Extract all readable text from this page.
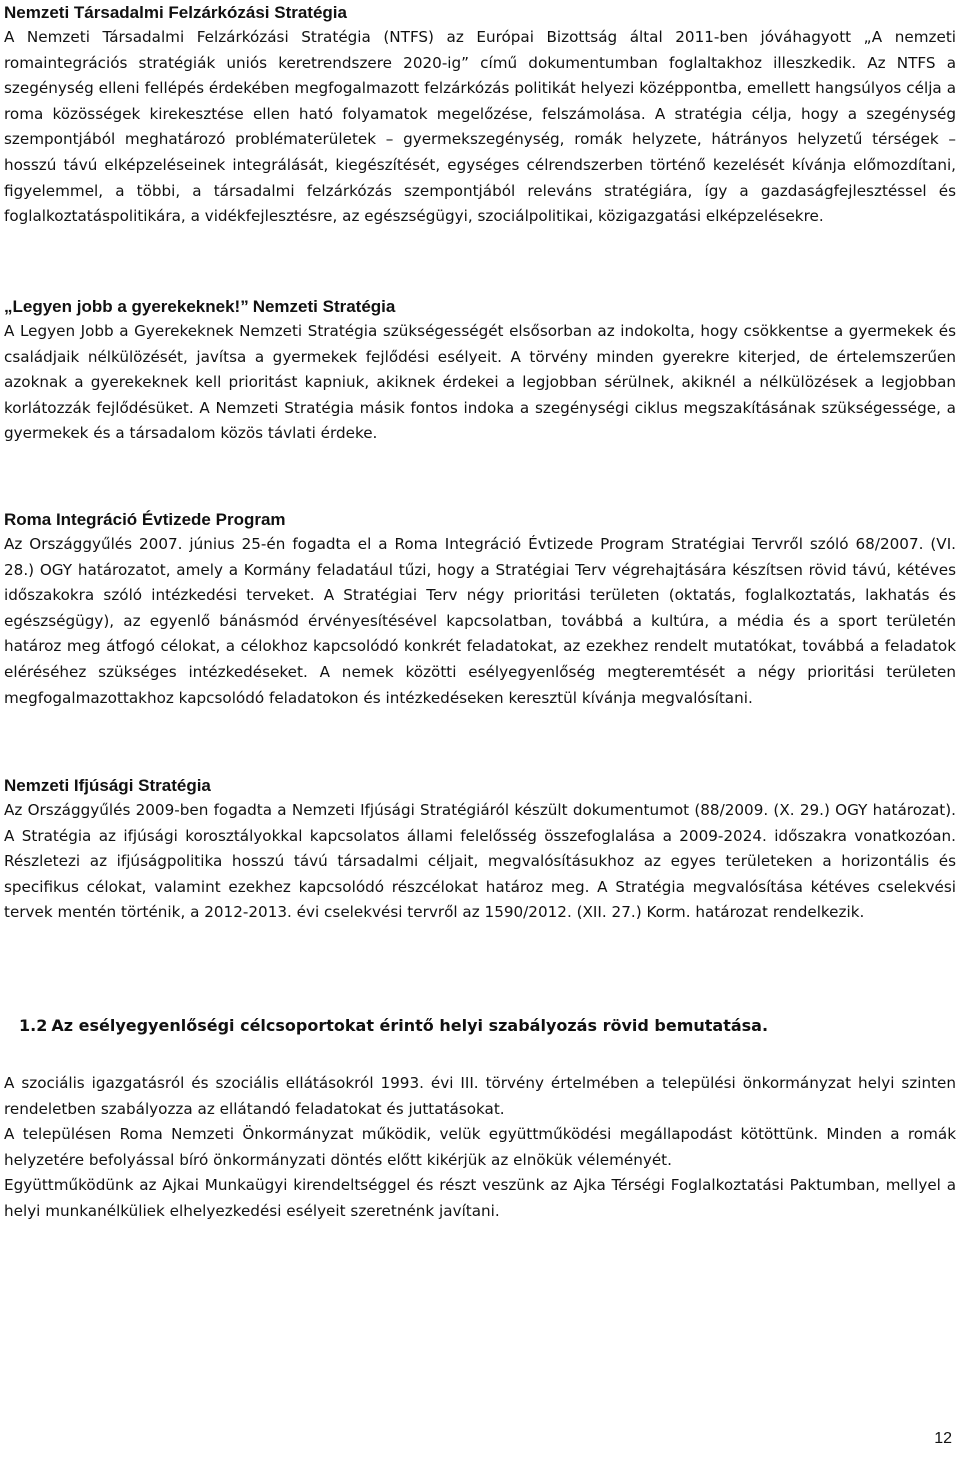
Nemzeti Társadalmi Felzárkózási Stratégia

A Nemzeti Társadalmi Felzárkózási Stratégia (NTFS) az Európai Bizottság által 2011-ben jóváhagyott „A nemzeti romaintegrációs stratégiák uniós keretrendszere 2020-ig” című dokumentumban foglaltakhoz illeszkedik. Az NTFS a szegénység elleni fellépés érdekében megfogalmazott felzárkózás politikát helyezi középpontba, emellett hangsúlyos célja a roma közösségek kirekesztése ellen ható folyamatok megelőzése, felszámolása. A stratégia célja, hogy a szegénység szempontjából meghatározó problématerületek – gyermekszegénység, romák helyzete, hátrányos helyzetű térségek – hosszú távú elképzeléseinek integrálását, kiegészítését, egységes célrendszerben történő kezelését kívánja előmozdítani, figyelemmel, a többi, a társadalmi felzárkózás szempontjából releváns stratégiára, így a gazdaságfejlesztéssel és foglalkoztatáspolitikára, a vidékfejlesztésre, az egészségügyi, szociálpolitikai, közigazgatási elképzelésekre.

„Legyen jobb a gyerekeknek!” Nemzeti Stratégia

A Legyen Jobb a Gyerekeknek Nemzeti Stratégia szükségességét elsősorban az indokolta, hogy csökkentse a gyermekek és családjaik nélkülözését, javítsa a gyermekek fejlődési esélyeit. A törvény minden gyerekre kiterjed, de értelemszerűen azoknak a gyerekeknek kell prioritást kapniuk, akiknek érdekei a legjobban sérülnek, akiknél a nélkülözések a legjobban korlátozzák fejlődésüket. A Nemzeti Stratégia másik fontos indoka a szegénységi ciklus megszakításának szükségessége, a gyermekek és a társadalom közös távlati érdeke.

Roma Integráció Évtizede Program

Az Országgyűlés 2007. június 25-én fogadta el a Roma Integráció Évtizede Program Stratégiai Tervről szóló 68/2007. (VI. 28.) OGY határozatot, amely a Kormány feladatául tűzi, hogy a Stratégiai Terv végrehajtására készítsen rövid távú, kétéves időszakokra szóló intézkedési terveket. A Stratégiai Terv négy prioritási területen (oktatás, foglalkoztatás, lakhatás és egészségügy), az egyenlő bánásmód érvényesítésével kapcsolatban, továbbá a kultúra, a média és a sport területén határoz meg átfogó célokat, a célokhoz kapcsolódó konkrét feladatokat, az ezekhez rendelt mutatókat, továbbá a feladatok eléréséhez szükséges intézkedéseket. A nemek közötti esélyegyenlőség megteremtését a négy prioritási területen megfogalmazottakhoz kapcsolódó feladatokon és intézkedéseken keresztül kívánja megvalósítani.

Nemzeti Ifjúsági Stratégia

Az Országgyűlés 2009-ben fogadta a Nemzeti Ifjúsági Stratégiáról készült dokumentumot (88/2009. (X. 29.) OGY határozat). A Stratégia az ifjúsági korosztályokkal kapcsolatos állami felelősség összefoglalása a 2009-2024. időszakra vonatkozóan. Részletezi az ifjúságpolitika hosszú távú társadalmi céljait, megvalósításukhoz az egyes területeken a horizontális és specifikus célokat, valamint ezekhez kapcsolódó részcélokat határoz meg. A Stratégia megvalósítása kétéves cselekvési tervek mentén történik, a 2012-2013. évi cselekvési tervről az 1590/2012. (XII. 27.) Korm. határozat rendelkezik.

1.2 Az esélyegyenlőségi célcsoportokat érintő helyi szabályozás rövid bemutatása.

A szociális igazgatásról és szociális ellátásokról 1993. évi III. törvény értelmében a települési önkormányzat helyi szinten rendeletben szabályozza az ellátandó feladatokat és juttatásokat.

A településen Roma Nemzeti Önkormányzat működik, velük együttműködési megállapodást kötöttünk. Minden a romák helyzetére befolyással bíró önkormányzati döntés előtt kikérjük az elnökük véleményét.

Együttműködünk az Ajkai Munkaügyi kirendeltséggel és részt veszünk az Ajka Térségi Foglalkoztatási Paktumban, mellyel a helyi munkanélküliek elhelyezkedési esélyeit szeretnénk javítani.

12
